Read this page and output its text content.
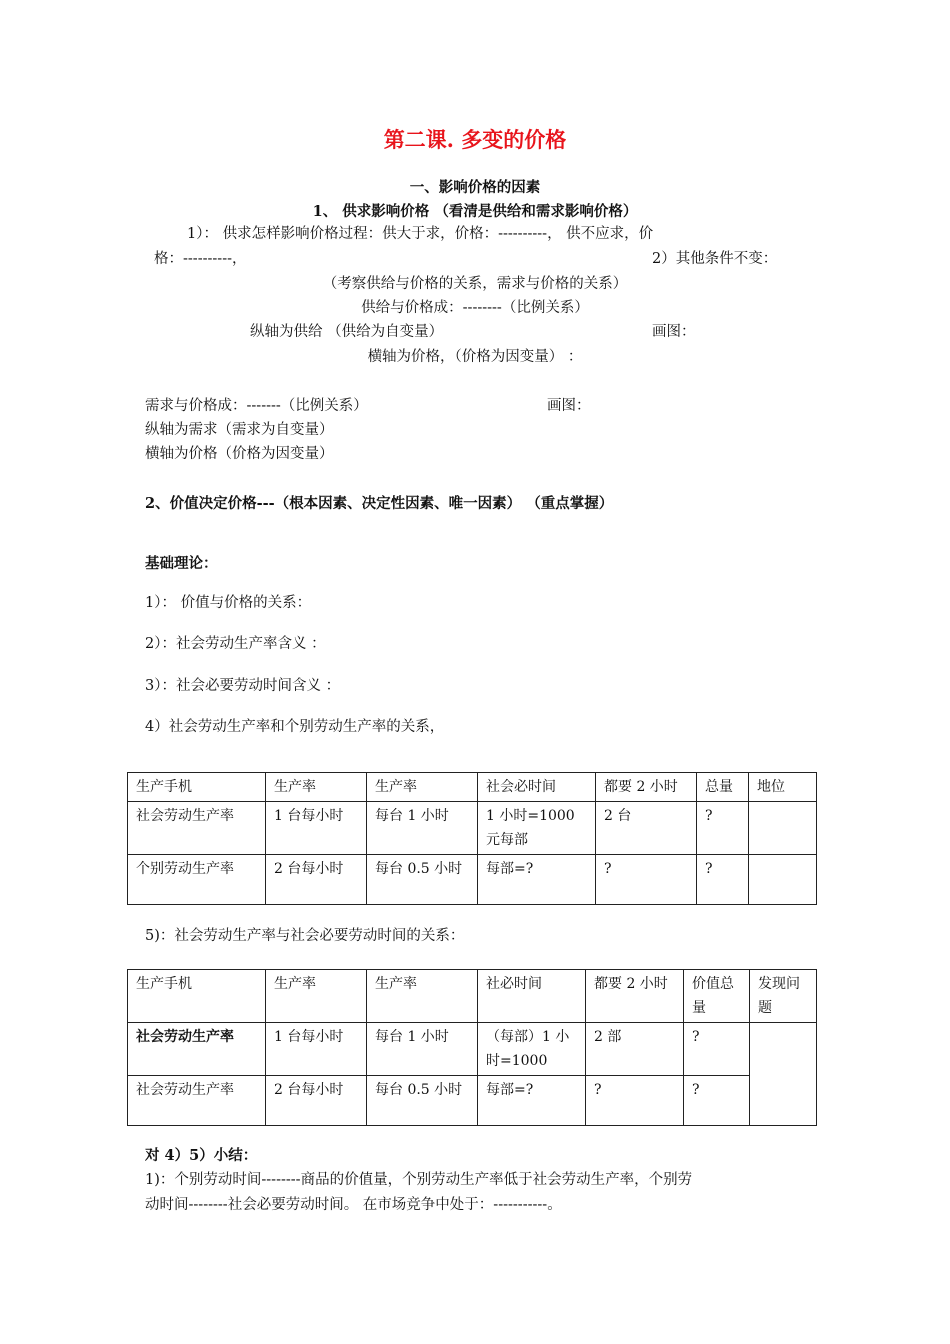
第二课. 多变的价格
一、影响价格的因素
1、 供求影响价格 （看清是供给和需求影响价格）
1）： 供求怎样影响价格过程：供大于求，价格：----------， 供不应求，价
格：----------，	2）其他条件不变：
（考察供给与价格的关系，需求与价格的关系）
供给与价格成：--------（比例关系）
纵轴为供给 （供给为自变量）	画图：
横轴为价格，（价格为因变量） ：
需求与价格成：-------（比例关系）	画图：
纵轴为需求（需求为自变量）
横轴为价格（价格为因变量）
2、价值决定价格---（根本因素、决定性因素、唯一因素） （重点掌握）
基础理论：
1）： 价值与价格的关系：
2）：社会劳动生产率含义 ：
3）：社会必要劳动时间含义 ：
4）社会劳动生产率和个别劳动生产率的关系，
生产手机	生产率	生产率	社会必时间	都要 2 小时	总量	地位
社会劳动生产率	1 台每小时	每台 1 小时	1 小时=1000 元每部	2 台	?	
个别劳动生产率	2 台每小时	每台 0.5 小时	每部=?	?	?	
5)：社会劳动生产率与社会必要劳动时间的关系：
生产手机	生产率	生产率	社必时间	都要 2 小时	价值总量	发现问题
社会劳动生产率	1 台每小时	每台 1 小时	（每部）1 小时=1000	2 部	?	
社会劳动生产率	2 台每小时	每台 0.5 小时	每部=?	?	?	
对 4）5）小结：
1)：个别劳动时间--------商品的价值量，个别劳动生产率低于社会劳动生产率，个别劳
动时间--------社会必要劳动时间。 在市场竞争中处于：-----------。
